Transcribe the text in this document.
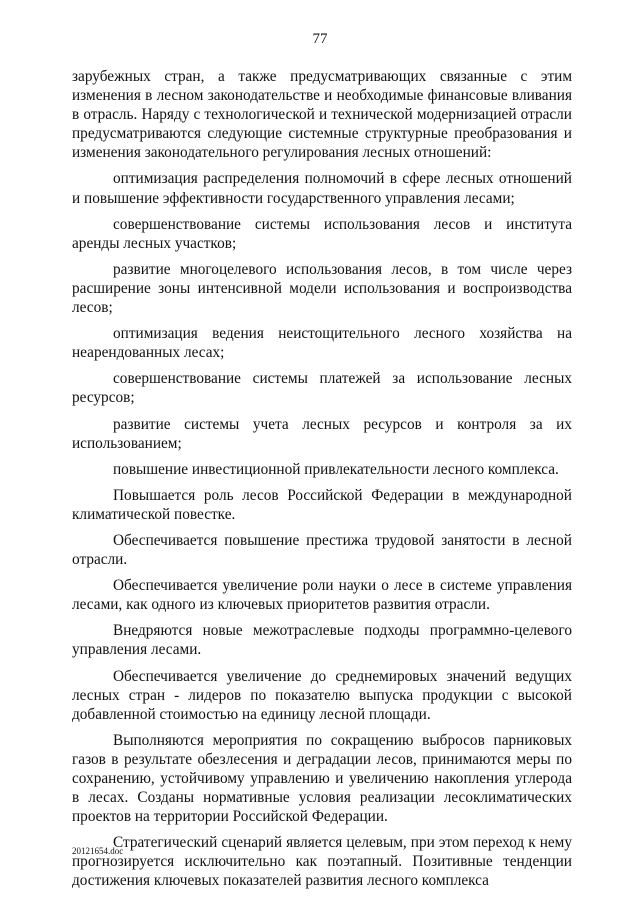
77

зарубежных стран, а также предусматривающих связанные с этим изменения в лесном законодательстве и необходимые финансовые вливания в отрасль. Наряду с технологической и технической модернизацией отрасли предусматриваются следующие системные структурные преобразования и изменения законодательного регулирования лесных отношений:

оптимизация распределения полномочий в сфере лесных отношений и повышение эффективности государственного управления лесами;

совершенствование системы использования лесов и института аренды лесных участков;

развитие многоцелевого использования лесов, в том числе через расширение зоны интенсивной модели использования и воспроизводства лесов;

оптимизация ведения неистощительного лесного хозяйства на неарендованных лесах;

совершенствование системы платежей за использование лесных ресурсов;

развитие системы учета лесных ресурсов и контроля за их использованием;

повышение инвестиционной привлекательности лесного комплекса.

Повышается роль лесов Российской Федерации в международной климатической повестке.

Обеспечивается повышение престижа трудовой занятости в лесной отрасли.

Обеспечивается увеличение роли науки о лесе в системе управления лесами, как одного из ключевых приоритетов развития отрасли.

Внедряются новые межотраслевые подходы программно-целевого управления лесами.

Обеспечивается увеличение до среднемировых значений ведущих лесных стран - лидеров по показателю выпуска продукции с высокой добавленной стоимостью на единицу лесной площади.

Выполняются мероприятия по сокращению выбросов парниковых газов в результате обезлесения и деградации лесов, принимаются меры по сохранению, устойчивому управлению и увеличению накопления углерода в лесах. Созданы нормативные условия реализации лесоклиматических проектов на территории Российской Федерации.

Стратегический сценарий является целевым, при этом переход к нему прогнозируется исключительно как поэтапный. Позитивные тенденции достижения ключевых показателей развития лесного комплекса

20121654.doc
